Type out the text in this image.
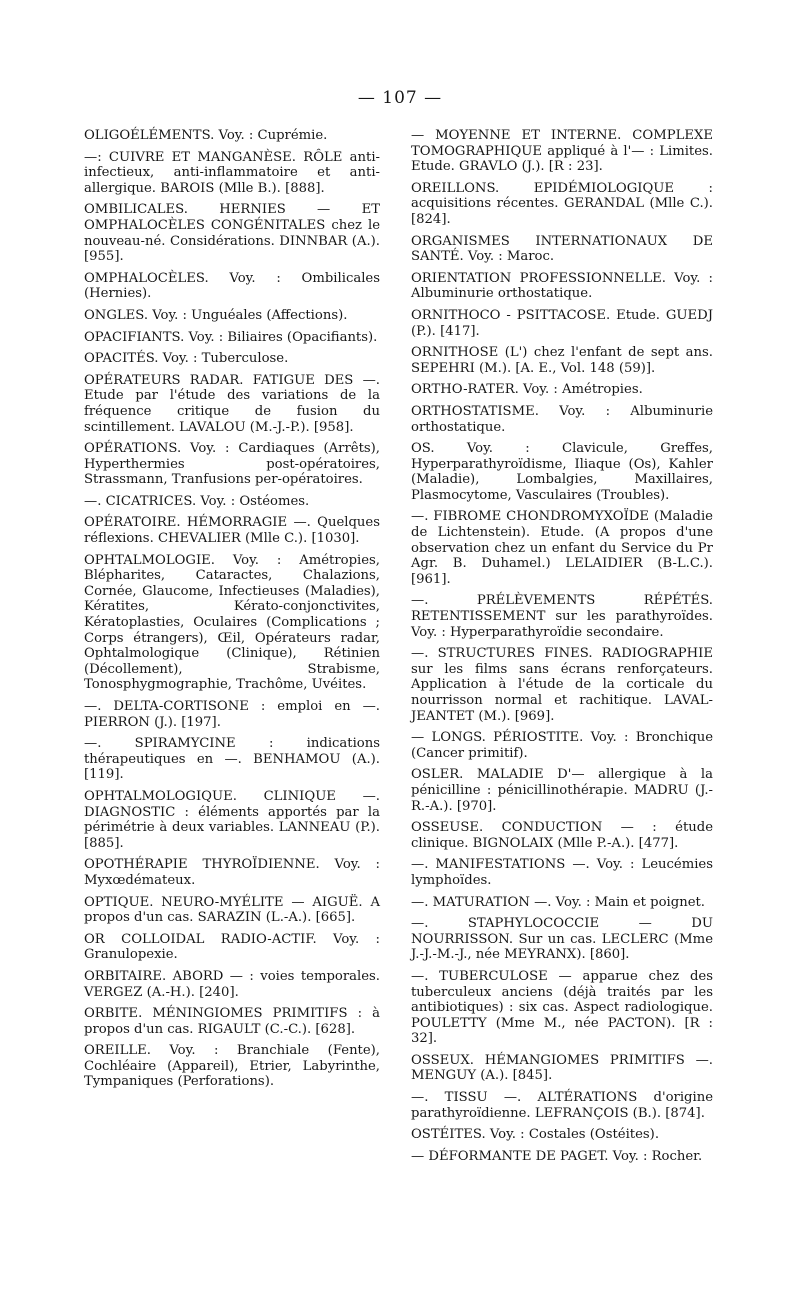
— 107 —

OLIGOÉLÉMENTS. Voy. : Cuprémie.

—: CUIVRE ET MANGANÈSE. RÔLE anti-infectieux, anti-inflammatoire et anti-allergique. BAROIS (Mlle B.). [888].

OMBILICALES. HERNIES — ET OMPHALOCÈLES CONGÉNITALES chez le nouveau-né. Considérations. DINNBAR (A.). [955].

OMPHALOCÈLES. Voy. : Ombilicales (Hernies).

ONGLES. Voy. : Unguéales (Affections).

OPACIFIANTS. Voy. : Biliaires (Opacifiants).

OPACITÉS. Voy. : Tuberculose.

OPÉRATEURS RADAR. FATIGUE DES —. Etude par l'étude des variations de la fréquence critique de fusion du scintillement. LAVALOU (M.-J.-P.). [958].

OPÉRATIONS. Voy. : Cardiaques (Arrêts), Hyperthermies post-opératoires, Strassmann, Tranfusions per-opératoires.

—. CICATRICES. Voy. : Ostéomes.

OPÉRATOIRE. HÉMORRAGIE —. Quelques réflexions. CHEVALIER (Mlle C.). [1030].

OPHTALMOLOGIE. Voy. : Amétropies, Blépharites, Cataractes, Chalazions, Cornée, Glaucome, Infectieuses (Maladies), Kératites, Kérato-conjonctivites, Kératoplasties, Oculaires (Complications ; Corps étrangers), Œil, Opérateurs radar, Ophtalmologique (Clinique), Rétinien (Décollement), Strabisme, Tonosphygmographie, Trachôme, Uvéites.

—. DELTA-CORTISONE : emploi en —. PIERRON (J.). [197].

—. SPIRAMYCINE : indications thérapeutiques en —. BENHAMOU (A.). [119].

OPHTALMOLOGIQUE. CLINIQUE —. DIAGNOSTIC : éléments apportés par la périmétrie à deux variables. LANNEAU (P.). [885].

OPOTHÉRAPIE THYROÏDIENNE. Voy. : Myxœdémateux.

OPTIQUE. NEURO-MYÉLITE — AIGUË. A propos d'un cas. SARAZIN (L.-A.). [665].

OR COLLOIDAL RADIO-ACTIF. Voy. : Granulopexie.

ORBITAIRE. ABORD — : voies temporales. VERGEZ (A.-H.). [240].

ORBITE. MÉNINGIOMES PRIMITIFS : à propos d'un cas. RIGAULT (C.-C.). [628].

OREILLE. Voy. : Branchiale (Fente), Cochléaire (Appareil), Etrier, Labyrinthe, Tympaniques (Perforations).

— MOYENNE ET INTERNE. COMPLEXE TOMOGRAPHIQUE appliqué à l'— : Limites. Etude. GRAVLO (J.). [R : 23].

OREILLONS. EPIDÉMIOLOGIQUE : acquisitions récentes. GERANDAL (Mlle C.). [824].

ORGANISMES INTERNATIONAUX DE SANTÉ. Voy. : Maroc.

ORIENTATION PROFESSIONNELLE. Voy. : Albuminurie orthostatique.

ORNITHOCO - PSITTACOSE. Etude. GUEDJ (P.). [417].

ORNITHOSE (L') chez l'enfant de sept ans. SEPEHRI (M.). [A. E., Vol. 148 (59)].

ORTHO-RATER. Voy. : Amétropies.

ORTHOSTATISME. Voy. : Albuminurie orthostatique.

OS. Voy. : Clavicule, Greffes, Hyperparathyroïdisme, Iliaque (Os), Kahler (Maladie), Lombalgies, Maxillaires, Plasmocytome, Vasculaires (Troubles).

—. FIBROME CHONDROMYXOÏDE (Maladie de Lichtenstein). Etude. (A propos d'une observation chez un enfant du Service du Pr Agr. B. Duhamel.) LELAIDIER (B-L.C.). [961].

—. PRÉLÈVEMENTS RÉPÉTÉS. RETENTISSEMENT sur les parathyroïdes. Voy. : Hyperparathyroïdie secondaire.

—. STRUCTURES FINES. RADIOGRAPHIE sur les films sans écrans renforçateurs. Application à l'étude de la corticale du nourrisson normal et rachitique. LAVAL-JEANTET (M.). [969].

— LONGS. PÉRIOSTITE. Voy. : Bronchique (Cancer primitif).

OSLER. MALADIE D'— allergique à la pénicilline : pénicillinothérapie. MADRU (J.-R.-A.). [970].

OSSEUSE. CONDUCTION — : étude clinique. BIGNOLAIX (Mlle P.-A.). [477].

—. MANIFESTATIONS —. Voy. : Leucémies lymphoïdes.

—. MATURATION —. Voy. : Main et poignet.

—. STAPHYLOCOCCIE — DU NOURRISSON. Sur un cas. LECLERC (Mme J.-J.-M.-J., née MEYRANX). [860].

—. TUBERCULOSE — apparue chez des tuberculeux anciens (déjà traités par les antibiotiques) : six cas. Aspect radiologique. POULETTY (Mme M., née PACTON). [R : 32].

OSSEUX. HÉMANGIOMES PRIMITIFS —. MENGUY (A.). [845].

—. TISSU —. ALTÉRATIONS d'origine parathyroïdienne. LEFRANÇOIS (B.). [874].

OSTÉITES. Voy. : Costales (Ostéites).

— DÉFORMANTE DE PAGET. Voy. : Rocher.
